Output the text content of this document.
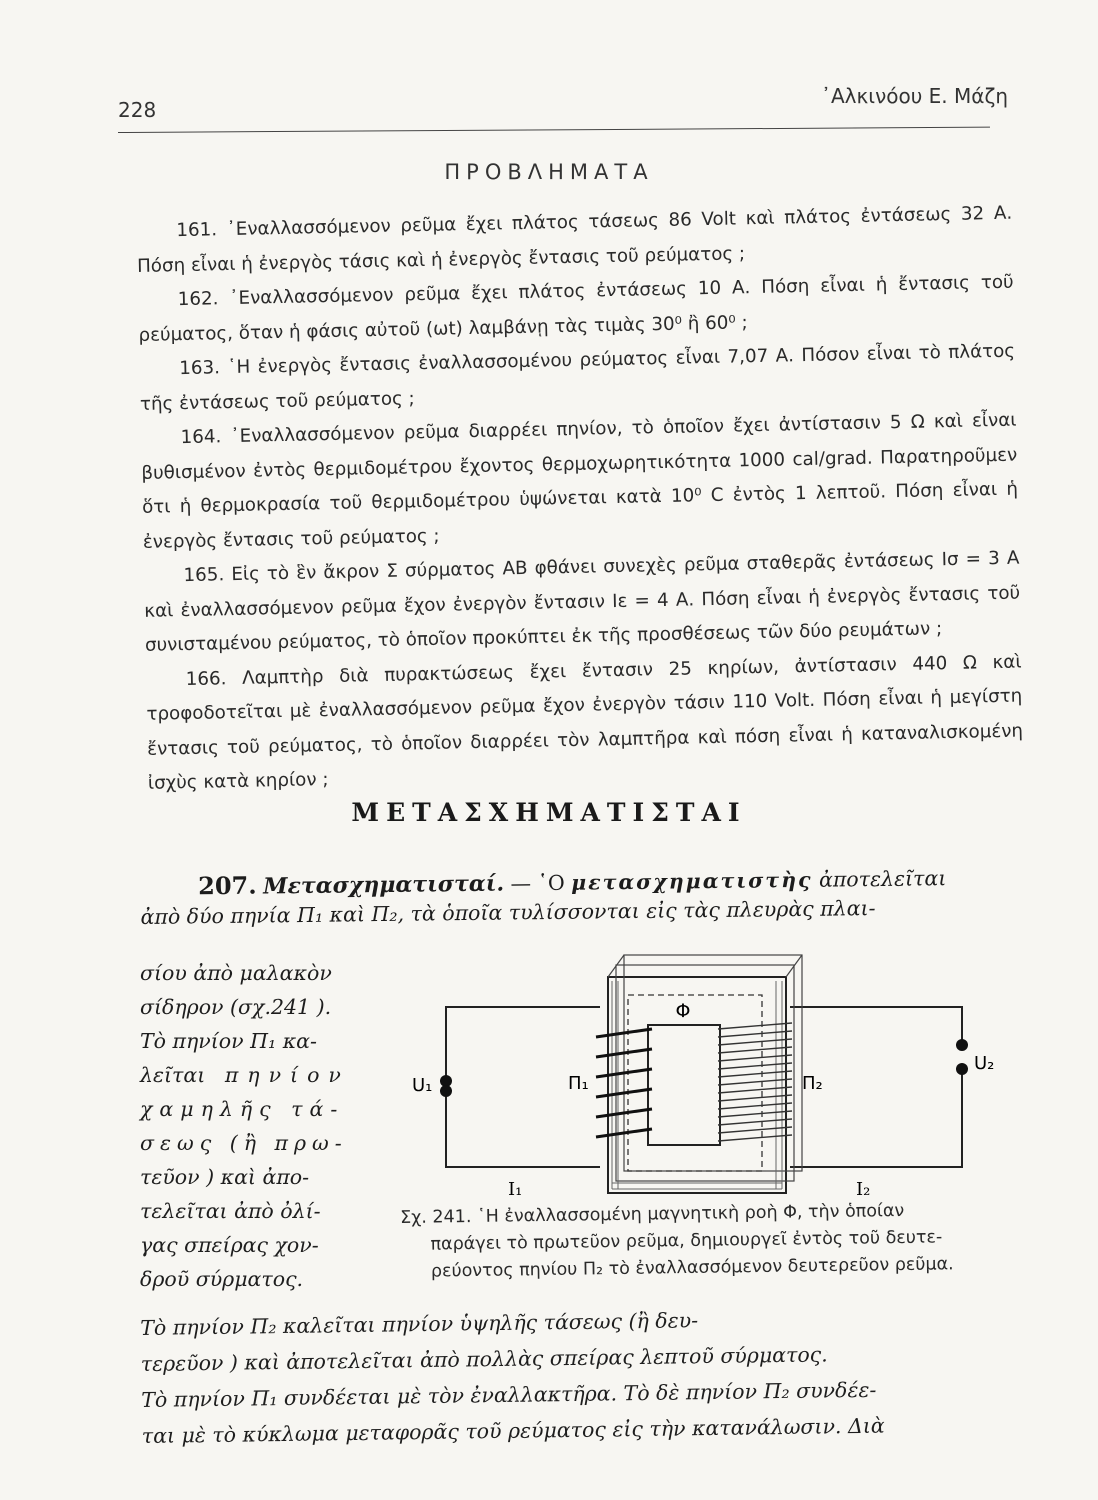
228
᾽Αλκινόου Ε. Μάζη
ΠΡΟΒΛΗΜΑΤΑ

161. ᾽Εναλλασσόμενον ρεῦμα ἔχει πλάτος τάσεως 86 Volt καὶ πλάτος ἐντάσεως 32 Α. Πόση εἶναι ἡ ἐνεργὸς τάσις καὶ ἡ ἐνεργὸς ἔντασις τοῦ ρεύματος ;

162. ᾽Εναλλασσόμενον ρεῦμα ἔχει πλάτος ἐντάσεως 10 Α. Πόση εἶναι ἡ ἔντασις τοῦ ρεύματος, ὅταν ἡ φάσις αὐτοῦ (ωt) λαμβάνῃ τὰς τιμὰς 30⁰ ἢ 60⁰ ;

163. ῾Η ἐνεργὸς ἔντασις ἐναλλασσομένου ρεύματος εἶναι 7,07 Α. Πόσον εἶναι τὸ πλάτος τῆς ἐντάσεως τοῦ ρεύματος ;

164. ᾽Εναλλασσόμενον ρεῦμα διαρρέει πηνίον, τὸ ὁποῖον ἔχει ἀντίστασιν 5 Ω καὶ εἶναι βυθισμένον ἐντὸς θερμιδομέτρου ἔχοντος θερμοχωρητικότητα 1000 cal/grad. Παρατηροῦμεν ὅτι ἡ θερμοκρασία τοῦ θερμιδομέτρου ὑψώνεται κατὰ 10⁰ C ἐντὸς 1 λεπτοῦ. Πόση εἶναι ἡ ἐνεργὸς ἔντασις τοῦ ρεύματος ;

165. Εἰς τὸ ἓν ἄκρον Σ σύρματος ΑΒ φθάνει συνεχὲς ρεῦμα σταθερᾶς ἐντάσεως Iσ = 3 Α καὶ ἐναλλασσόμενον ρεῦμα ἔχον ἐνεργὸν ἔντασιν Iε = 4 Α. Πόση εἶναι ἡ ἐνεργὸς ἔντασις τοῦ συνισταμένου ρεύματος, τὸ ὁποῖον προκύπτει ἐκ τῆς προσθέσεως τῶν δύο ρευμάτων ;

166. Λαμπτὴρ διὰ πυρακτώσεως ἔχει ἔντασιν 25 κηρίων, ἀντίστασιν 440 Ω καὶ τροφοδοτεῖται μὲ ἐναλλασσόμενον ρεῦμα ἔχον ἐνεργὸν τάσιν 110 Volt. Πόση εἶναι ἡ μεγίστη ἔντασις τοῦ ρεύματος, τὸ ὁποῖον διαρρέει τὸν λαμπτῆρα καὶ πόση εἶναι ἡ καταναλισκομένη ἰσχὺς κατὰ κηρίον ;

ΜΕΤΑΣΧΗΜΑΤΙΣΤΑΙ
207. Μετασχηματισταί. — ῾Ο μετασχηματιστὴς ἀποτελεῖται
ἀπὸ δύο πηνία Π₁ καὶ Π₂, τὰ ὁποῖα τυλίσσονται εἰς τὰς πλευρὰς πλαι-

σίου ἀπὸ μαλακὸν

σίδηρον (σχ.241 ).

Τὸ πηνίον Π₁ κα-

λεῖται πηνίον

χαμηλῆς τά-

σεως (ἢ πρω-

τεῦον ) καὶ ἀπο-

τελεῖται ἀπὸ ὀλί-

γας σπείρας χον-

δροῦ σύρματος.

Φ
U₁
U₂
Π₁	Π₂
I₁	I₂

Σχ. 241. ῾Η ἐναλλασσομένη μαγνητικὴ ροὴ Φ, τὴν ὁποίαν

παράγει τὸ πρωτεῦον ρεῦμα, δημιουργεῖ ἐντὸς τοῦ δευτε-

ρεύοντος πηνίου Π₂ τὸ ἐναλλασσόμενον δευτερεῦον ρεῦμα.

Τὸ πηνίον Π₂ καλεῖται πηνίον ὑψηλῆς τάσεως (ἢ δευ-

τερεῦον ) καὶ ἀποτελεῖται ἀπὸ πολλὰς σπείρας λεπτοῦ σύρματος.

Τὸ πηνίον Π₁ συνδέεται μὲ τὸν ἐναλλακτῆρα. Τὸ δὲ πηνίον Π₂ συνδέε-

ται μὲ τὸ κύκλωμα μεταφορᾶς τοῦ ρεύματος εἰς τὴν κατανάλωσιν. Διὰ
